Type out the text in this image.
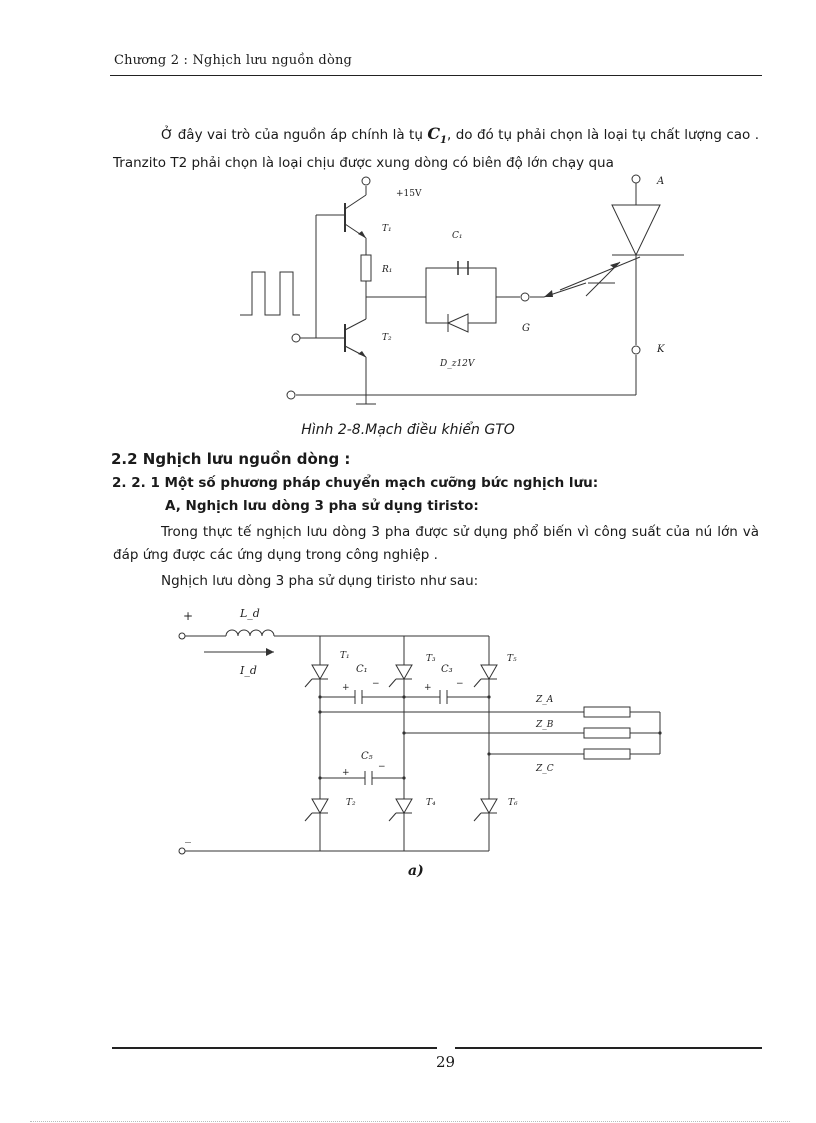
Chương 2 : Nghịch lưu nguồn dòng
Ở đây vai trò của nguồn áp chính là tụ $C_1$, do đó tụ phải chọn là loại tụ chất lượng cao . Tranzito T2 phải chọn là loại chịu được xung dòng có biên độ lớn chạy qua
+15V
T₁
R₁
T₂
C₁
D_z12V
G
A
K
Hình 2-8.Mạch điều khiển GTO
2.2 Nghịch lưu nguồn dòng :
2. 2. 1 Một số phương pháp chuyển mạch cưỡng bức nghịch lưu:
A, Nghịch lưu dòng 3 pha sử dụng tiristo:
Trong thực tế nghịch lưu dòng 3 pha được sử dụng phổ biến vì công suất của nú lớn và đáp ứng được các ứng dụng trong công nghiệp .
Nghịch lưu dòng 3 pha sử dụng tiristo như sau:
+
_
L_d
I_d
T₁	T₃	T₅
T₂	T₄	T₆
C₁	C₃
C₅
+ −	+	−
+
−
Z_A
Z_B
Z_C
a)
29
